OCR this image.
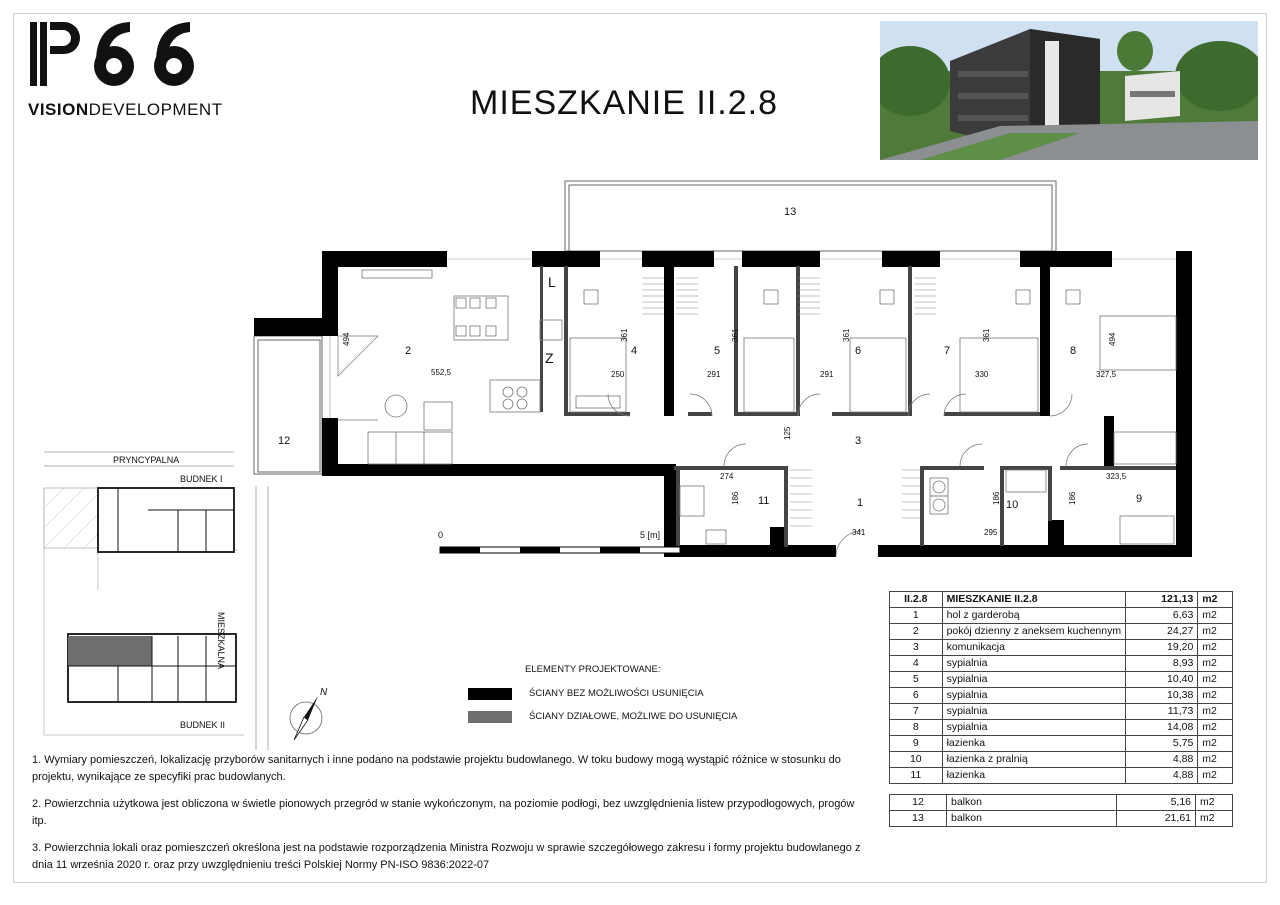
VISIONDEVELOPMENT	MIESZKANIE II.2.8
1
2
3
4	5	6	7	8
9
10
11
12
13
494
552,5
361
250
361
291
361
291
361
330
494
327,5
125
274
186	186
295
186
323,5
341
L
Z
0	5 [m]
N
PRYNCYPALNA
BUDNEK I
BUDNEK II
MIESZKALNA
ELEMENTY PROJEKTOWANE:
ŚCIANY BEZ MOŻLIWOŚCI USUNIĘCIA
ŚCIANY DZIAŁOWE, MOŻLIWE DO USUNIĘCIA
II.2.8	MIESZKANIE II.2.8	121,13	m2
1	hol z garderobą	6,63	m2
2	pokój dzienny z aneksem kuchennym	24,27	m2
3	komunikacja	19,20	m2
4	sypialnia	8,93	m2
5	sypialnia	10,40	m2
6	sypialnia	10,38	m2
7	sypialnia	11,73	m2
8	sypialnia	14,08	m2
9	łazienka	5,75	m2
10	łazienka z pralnią	4,88	m2
11	łazienka	4,88	m2
12	balkon	5,16	m2
13	balkon	21,61	m2

1. Wymiary pomieszczeń, lokalizację przyborów sanitarnych i inne podano na podstawie projektu budowlanego. W toku budowy mogą wystąpić różnice w stosunku do projektu, wynikające ze specyfiki prac budowlanych.

2. Powierzchnia użytkowa jest obliczona w świetle pionowych przegród w stanie wykończonym, na poziomie podłogi, bez uwzględnienia listew przypodłogowych, progów itp.

3. Powierzchnia lokali oraz pomieszczeń określona jest na podstawie rozporządzenia Ministra Rozwoju w sprawie szczegółowego zakresu i formy projektu budowlanego z dnia 11 września 2020 r. oraz przy uwzględnieniu treści Polskiej Normy PN-ISO 9836:2022-07
